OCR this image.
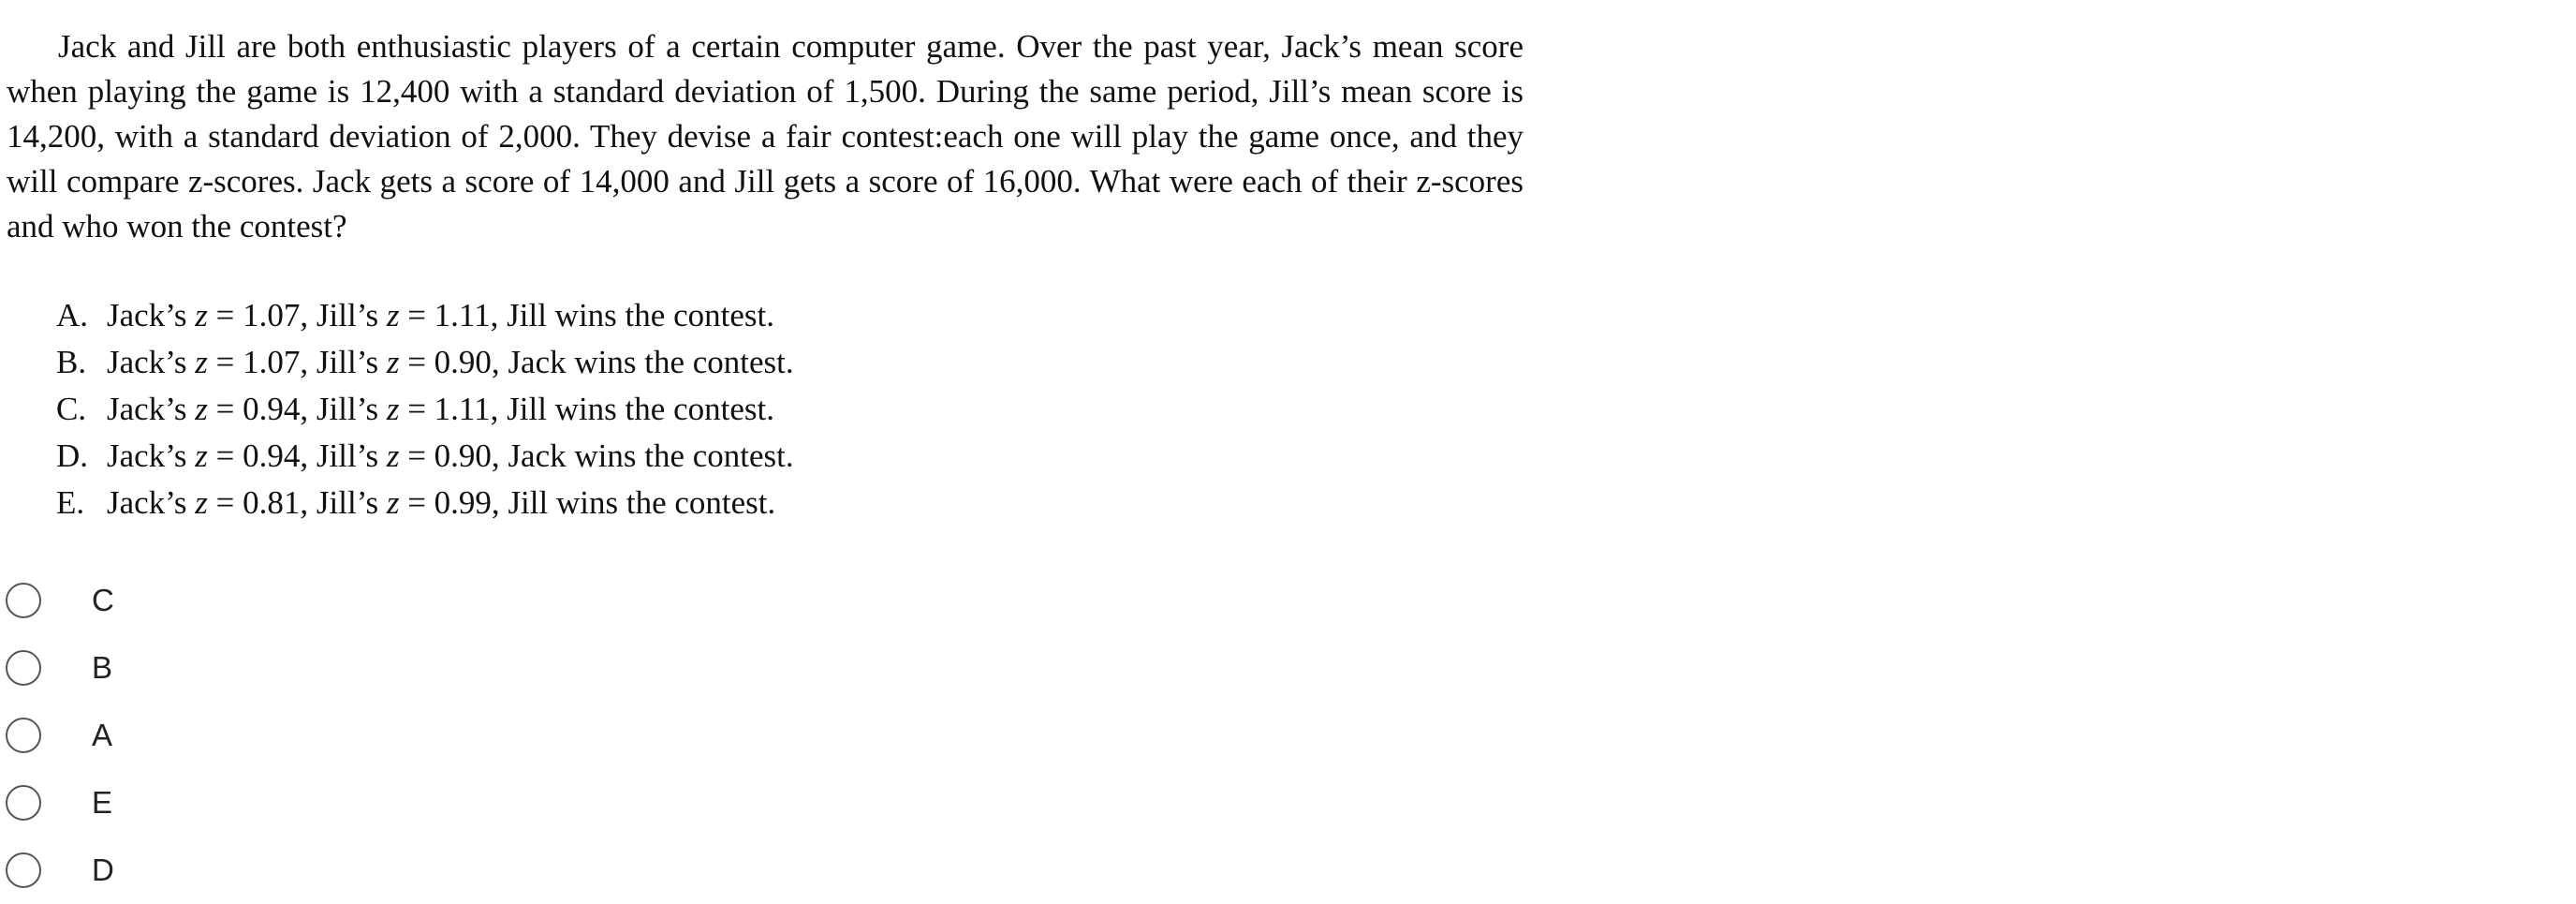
Jack and Jill are both enthusiastic players of a certain computer game. Over the past year, Jack’s mean score when playing the game is 12,400 with a standard deviation of 1,500. During the same period, Jill’s mean score is 14,200, with a standard deviation of 2,000. They devise a fair contest:each one will play the game once, and they will compare z-scores. Jack gets a score of 14,000 and Jill gets a score of 16,000. What were each of their z-scores and who won the contest?

A. Jack’s z = 1.07, Jill’s z = 1.11, Jill wins the contest.
B. Jack’s z = 1.07, Jill’s z = 0.90, Jack wins the contest.
C. Jack’s z = 0.94, Jill’s z = 1.11, Jill wins the contest.
D. Jack’s z = 0.94, Jill’s z = 0.90, Jack wins the contest.
E. Jack’s z = 0.81, Jill’s z = 0.99, Jill wins the contest.
C
B
A
E
D
